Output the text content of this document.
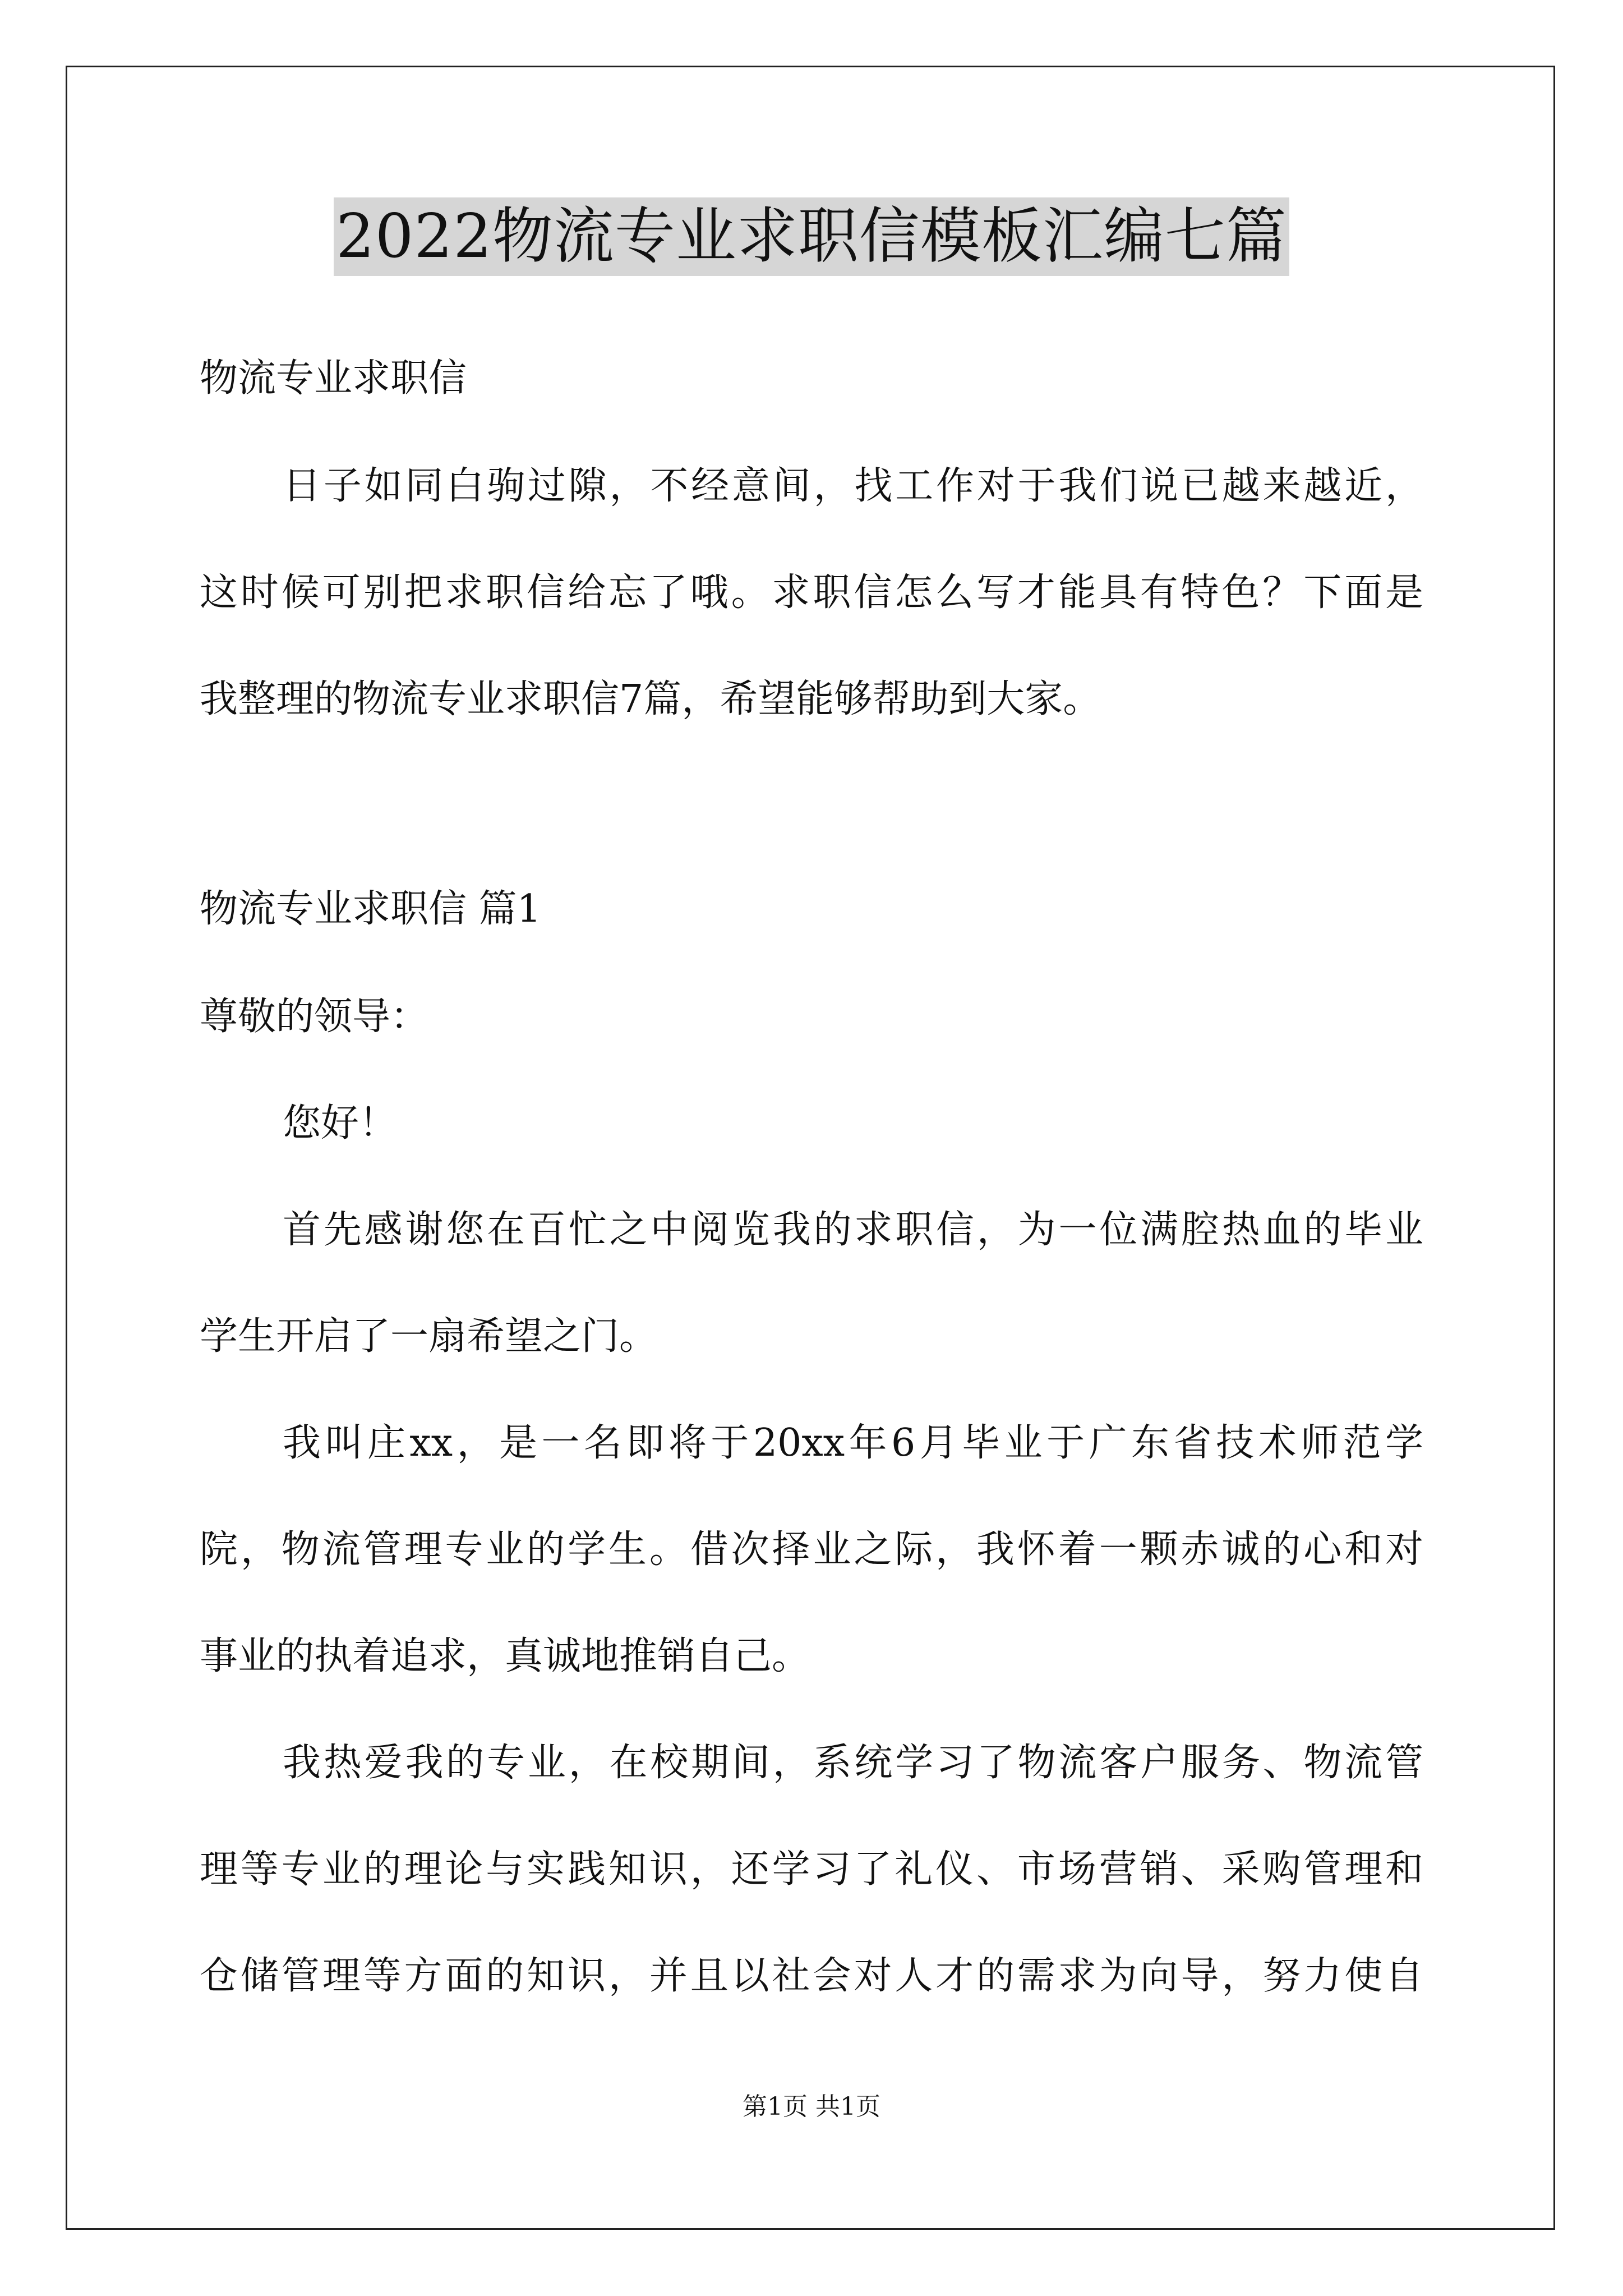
2022物流专业求职信模板汇编七篇
物流专业求职信
日子如同白驹过隙，不经意间，找工作对于我们说已越来越近，
这时候可别把求职信给忘了哦。求职信怎么写才能具有特色？下面是
我整理的物流专业求职信7篇，希望能够帮助到大家。
物流专业求职信 篇1
尊敬的领导：
您好！
首先感谢您在百忙之中阅览我的求职信，为一位满腔热血的毕业
学生开启了一扇希望之门。
我叫庄xx，是一名即将于20xx年6月毕业于广东省技术师范学
院，物流管理专业的学生。借次择业之际，我怀着一颗赤诚的心和对
事业的执着追求，真诚地推销自己。
我热爱我的专业，在校期间，系统学习了物流客户服务、物流管
理等专业的理论与实践知识，还学习了礼仪、市场营销、采购管理和
仓储管理等方面的知识，并且以社会对人才的需求为向导，努力使自
第1页 共1页
